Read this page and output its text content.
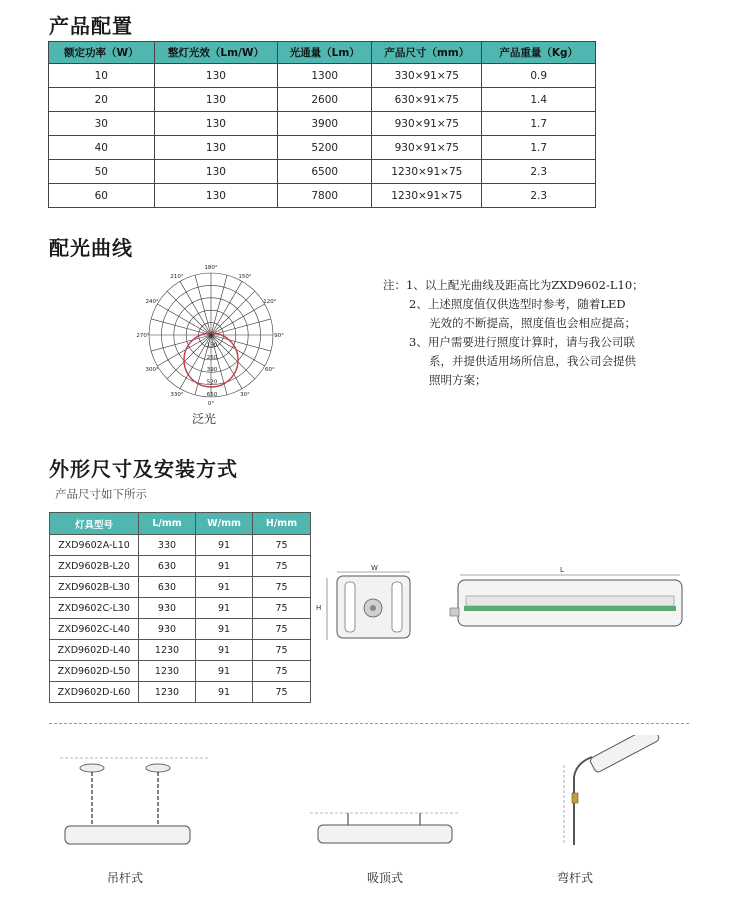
产品配置
额定功率（W）	整灯光效（Lm/W）	光通量（Lm）	产品尺寸（mm）	产品重量（Kg）
10	130	1300	330×91×75	0.9
20	130	2600	630×91×75	1.4
30	130	3900	930×91×75	1.7
40	130	5200	930×91×75	1.7
50	130	6500	1230×91×75	2.3
60	130	7800	1230×91×75	2.3
配光曲线
180°
150°
120°
90°
60°
30°
0°
210°
240°
270°
300°
330°
130
260
390
520
650
泛光
注：1、以上配光曲线及距高比为ZXD9602-L10；
2、上述照度值仅供选型时参考，随着LED
光效的不断提高，照度值也会相应提高；
3、用户需要进行照度计算时，请与我公司联
系，并提供适用场所信息，我公司会提供
照明方案；
外形尺寸及安装方式
产品尺寸如下所示
灯具型号	L/mm	W/mm	H/mm
ZXD9602A-L10	330	91	75
ZXD9602B-L20	630	91	75
ZXD9602B-L30	630	91	75
ZXD9602C-L30	930	91	75
ZXD9602C-L40	930	91	75
ZXD9602D-L40	1230	91	75
ZXD9602D-L50	1230	91	75
ZXD9602D-L60	1230	91	75
W
H
L
吊杆式	吸顶式	弯杆式
